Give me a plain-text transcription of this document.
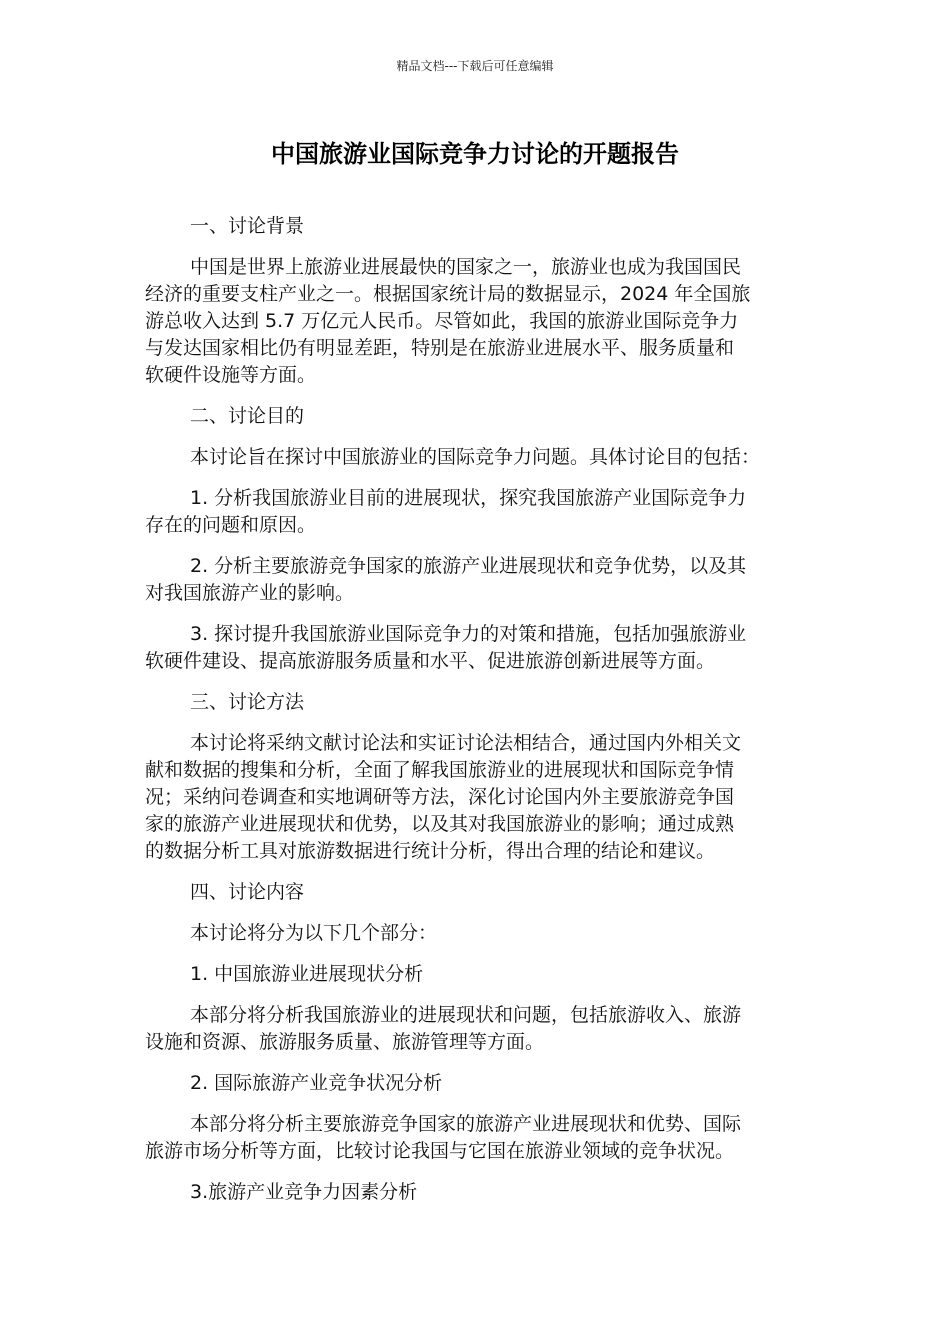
精品文档---下载后可任意编辑
中国旅游业国际竞争力讨论的开题报告
一、讨论背景
中国是世界上旅游业进展最快的国家之一，旅游业也成为我国国民
经济的重要支柱产业之一。根据国家统计局的数据显示，2024 年全国旅
游总收入达到 5.7 万亿元人民币。尽管如此，我国的旅游业国际竞争力
与发达国家相比仍有明显差距，特别是在旅游业进展水平、服务质量和
软硬件设施等方面。
二、讨论目的
本讨论旨在探讨中国旅游业的国际竞争力问题。具体讨论目的包括：
1. 分析我国旅游业目前的进展现状，探究我国旅游产业国际竞争力
存在的问题和原因。
2. 分析主要旅游竞争国家的旅游产业进展现状和竞争优势，以及其
对我国旅游产业的影响。
3. 探讨提升我国旅游业国际竞争力的对策和措施，包括加强旅游业
软硬件建设、提高旅游服务质量和水平、促进旅游创新进展等方面。
三、讨论方法
本讨论将采纳文献讨论法和实证讨论法相结合，通过国内外相关文
献和数据的搜集和分析，全面了解我国旅游业的进展现状和国际竞争情
况；采纳问卷调查和实地调研等方法，深化讨论国内外主要旅游竞争国
家的旅游产业进展现状和优势，以及其对我国旅游业的影响；通过成熟
的数据分析工具对旅游数据进行统计分析，得出合理的结论和建议。
四、讨论内容
本讨论将分为以下几个部分：
1. 中国旅游业进展现状分析
本部分将分析我国旅游业的进展现状和问题，包括旅游收入、旅游
设施和资源、旅游服务质量、旅游管理等方面。
2. 国际旅游产业竞争状况分析
本部分将分析主要旅游竞争国家的旅游产业进展现状和优势、国际
旅游市场分析等方面，比较讨论我国与它国在旅游业领域的竞争状况。
3.旅游产业竞争力因素分析
